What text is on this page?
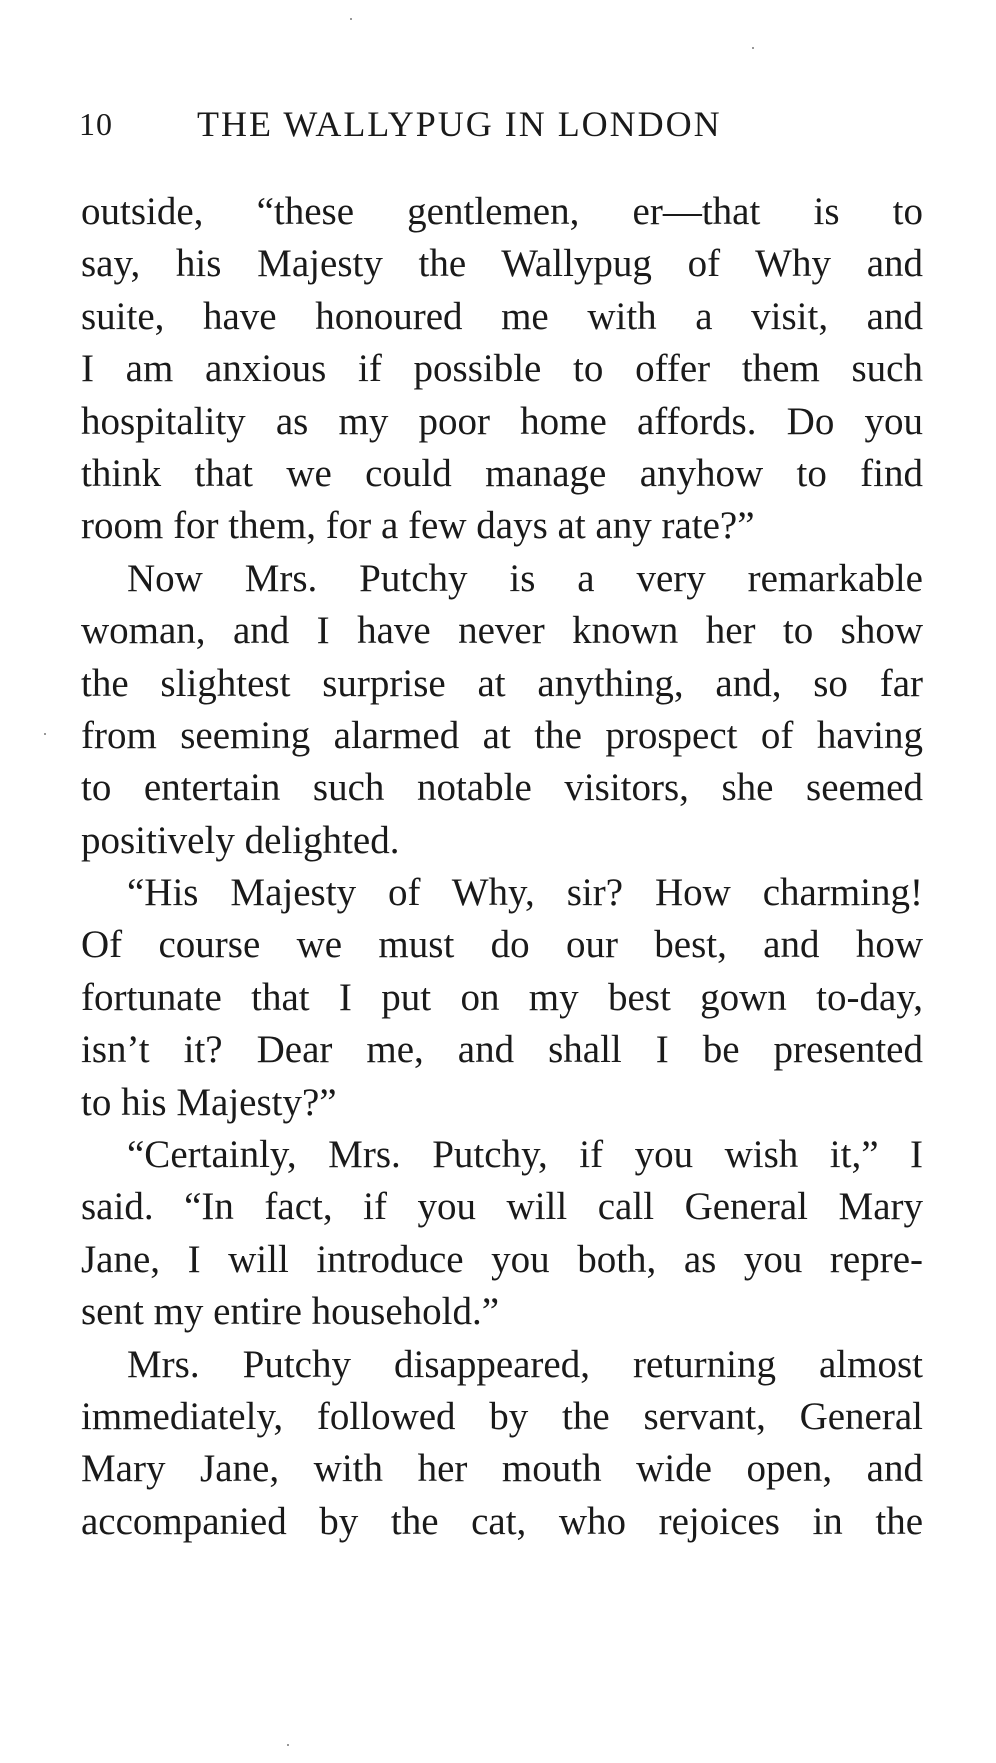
10 THE WALLYPUG IN LONDON
outside, “these gentlemen, er—that is to
say, his Majesty the Wallypug of Why and
suite, have honoured me with a visit, and
I am anxious if possible to offer them such
hospitality as my poor home affords. Do you
think that we could manage anyhow to find
room for them, for a few days at any rate?”
Now Mrs. Putchy is a very remarkable
woman, and I have never known her to show
the slightest surprise at anything, and, so far
from seeming alarmed at the prospect of having
to entertain such notable visitors, she seemed
positively delighted.
“His Majesty of Why, sir? How charming!
Of course we must do our best, and how
fortunate that I put on my best gown to-day,
isn’t it? Dear me, and shall I be presented
to his Majesty?”
“Certainly, Mrs. Putchy, if you wish it,” I
said. “In fact, if you will call General Mary
Jane, I will introduce you both, as you repre-
sent my entire household.”
Mrs. Putchy disappeared, returning almost
immediately, followed by the servant, General
Mary Jane, with her mouth wide open, and
accompanied by the cat, who rejoices in the
